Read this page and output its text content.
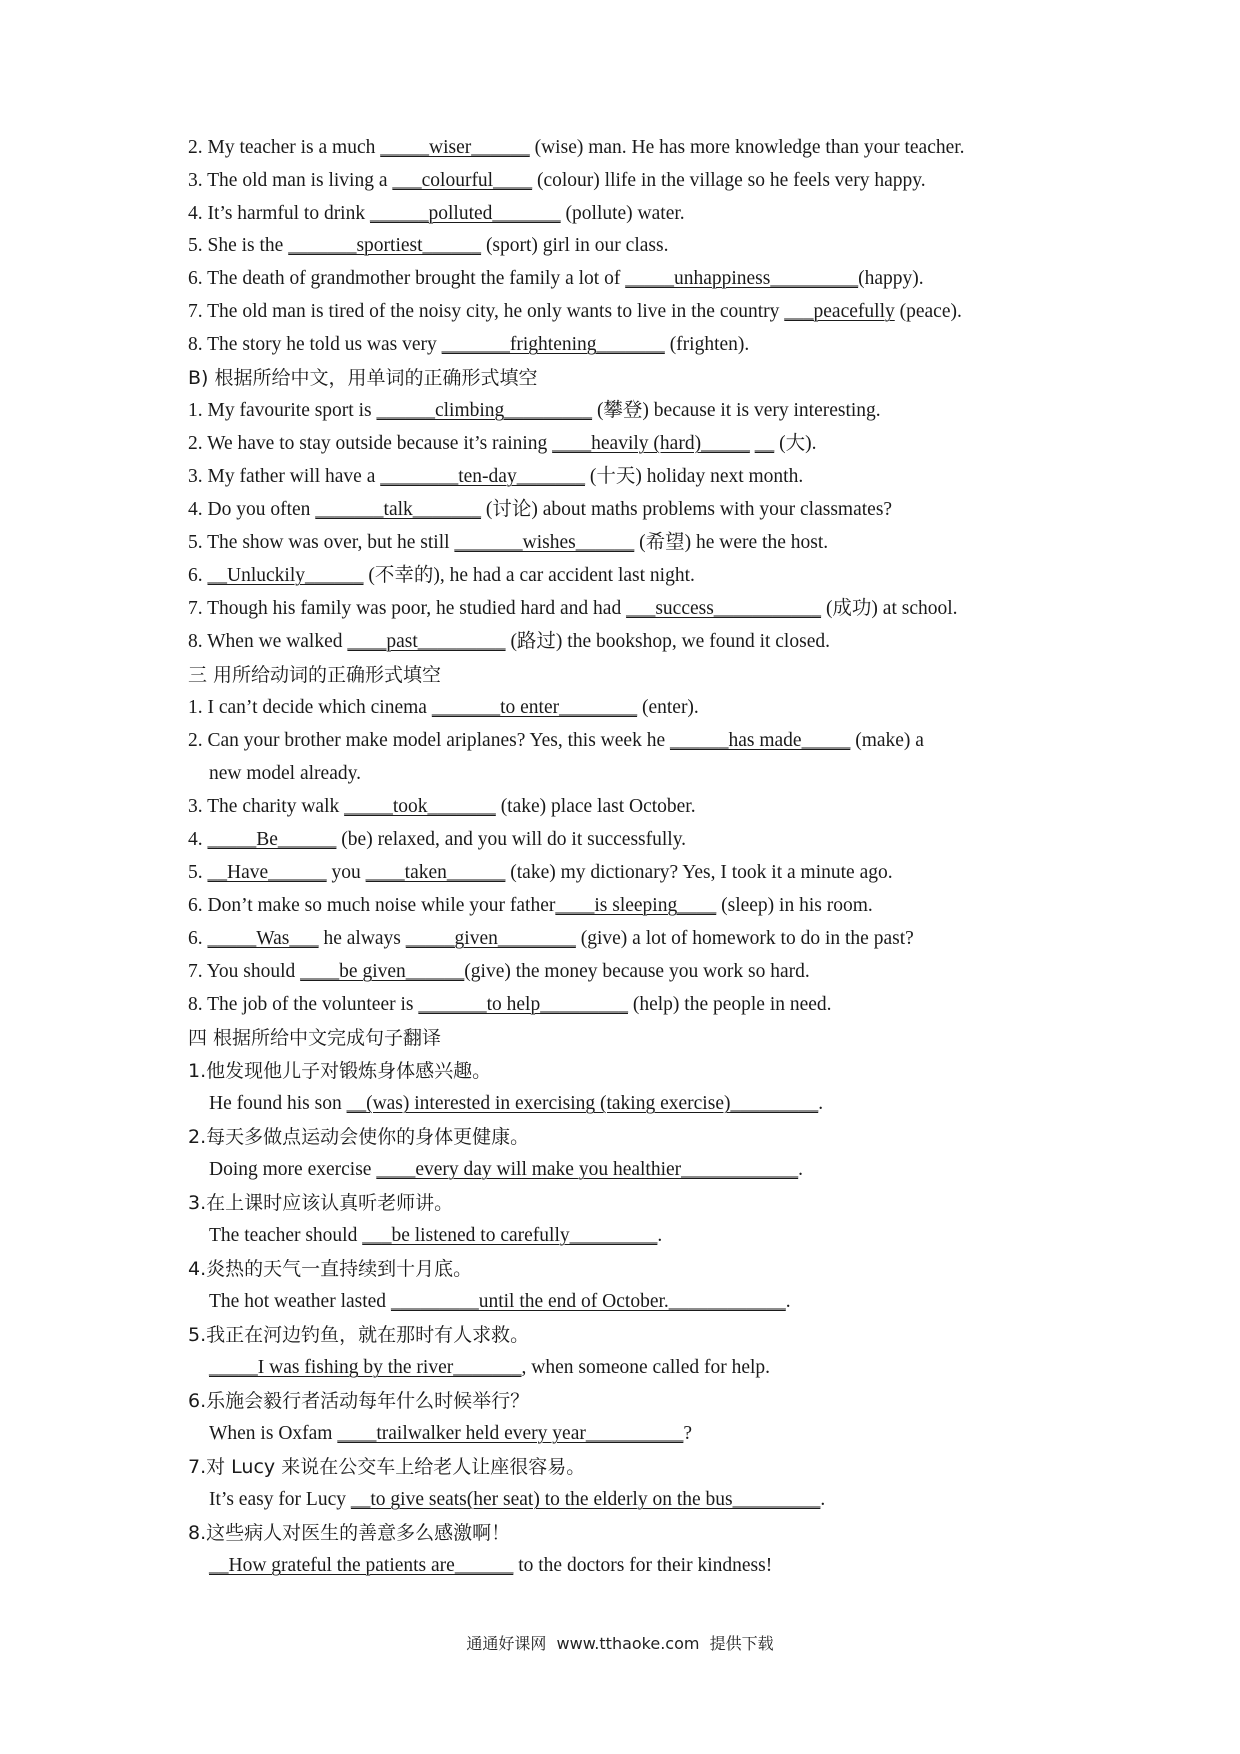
2. My teacher is a much _____wiser______ (wise) man. He has more knowledge than your teacher.
3. The old man is living a ___colourful____ (colour) llife in the village so he feels very happy.
4. It’s harmful to drink ______polluted_______ (pollute) water.
5. She is the _______sportiest______ (sport) girl in our class.
6. The death of grandmother brought the family a lot of _____unhappiness_________(happy).
7. The old man is tired of the noisy city, he only wants to live in the country ___peacefully (peace).
8. The story he told us was very _______frightening_______ (frighten).
B) 根据所给中文，用单词的正确形式填空
1. My favourite sport is ______climbing_________ (攀登) because it is very interesting.
2. We have to stay outside because it’s raining ____heavily (hard)_____ __ (大).
3. My father will have a ________ten-day_______ (十天) holiday next month.
4. Do you often _______talk_______ (讨论) about maths problems with your classmates?
5. The show was over, but he still _______wishes______ (希望) he were the host.
6. __Unluckily______ (不幸的), he had a car accident last night.
7. Though his family was poor, he studied hard and had ___success___________ (成功) at school.
8. When we walked ____past_________ (路过) the bookshop, we found it closed.
三 用所给动词的正确形式填空
1. I can’t decide which cinema _______to enter________ (enter).
2. Can your brother make model ariplanes? Yes, this week he ______has made_____ (make) a
new model already.
3. The charity walk _____took_______ (take) place last October.
4. _____Be______ (be) relaxed, and you will do it successfully.
5. __Have______ you ____taken______ (take) my dictionary? Yes, I took it a minute ago.
6. Don’t make so much noise while your father____is sleeping____ (sleep) in his room.
6. _____Was___ he always _____given________ (give) a lot of homework to do in the past?
7. You should ____be given______(give) the money because you work so hard.
8. The job of the volunteer is _______to help_________ (help) the people in need.
四 根据所给中文完成句子翻译
1.他发现他儿子对锻炼身体感兴趣。
He found his son __(was) interested in exercising (taking exercise)_________.
2.每天多做点运动会使你的身体更健康。
Doing more exercise ____every day will make you healthier____________.
3.在上课时应该认真听老师讲。
The teacher should ___be listened to carefully_________.
4.炎热的天气一直持续到十月底。
The hot weather lasted _________until the end of October.____________.
5.我正在河边钓鱼，就在那时有人求救。
_____I was fishing by the river_______, when someone called for help.
6.乐施会毅行者活动每年什么时候举行？
When is Oxfam ____trailwalker held every year__________?
7.对 Lucy 来说在公交车上给老人让座很容易。
It’s easy for Lucy __to give seats(her seat) to the elderly on the bus_________.
8.这些病人对医生的善意多么感激啊！
__How grateful the patients are______ to the doctors for their kindness!
通通好课网  www.tthaoke.com  提供下载
